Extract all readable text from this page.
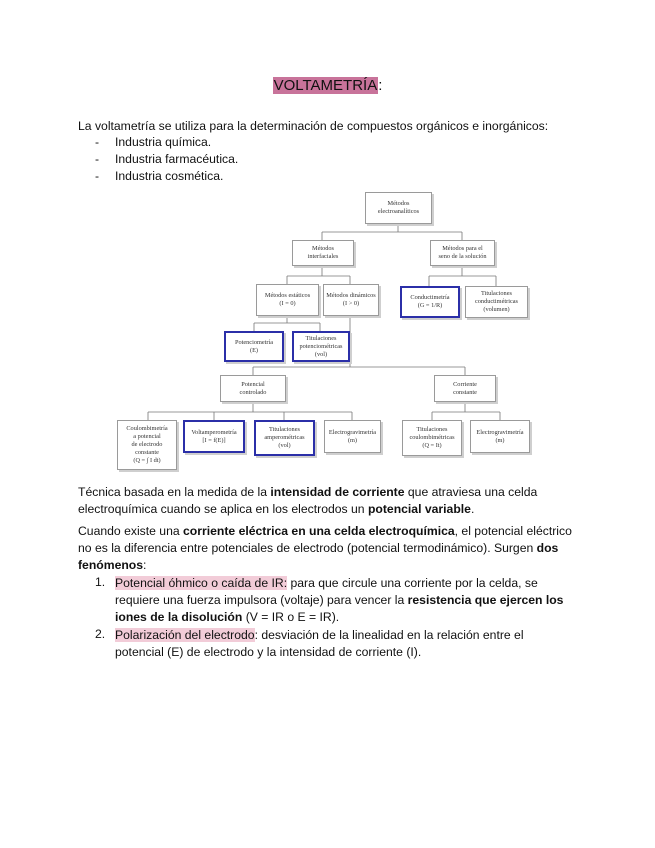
VOLTAMETRÍA:

La voltametría se utiliza para la determinación de compuestos orgánicos e inorgánicos:

- Industria química.
- Industria farmacéutica.
- Industria cosmética.
Métodos
electroanalíticos
Métodos
interfaciales
Métodos para el
seno de la solución
Métodos estáticos
(I = 0)
Métodos dinámicos
(I > 0)
Conductimetría
(G = 1/R)
Titulaciones
conductimétricas
(volumen)
Potenciometría
(E)
Titulaciones
potenciométricas
(vol)
Potencial
controlado
Corriente
constante
Coulombimetría
a potencial
de electrodo
constante
(Q = ∫ I dt)
Voltamperometría
[I = f(E)]
Titulaciones
amperométricas
(vol)
Electrogravimetría
(m)
Titulaciones
coulombimétricas
(Q = It)
Electrogravimetría
(m)

Técnica basada en la medida de la intensidad de corriente que atraviesa una celda electroquímica cuando se aplica en los electrodos un potencial variable.

Cuando existe una corriente eléctrica en una celda electroquímica, el potencial eléctrico no es la diferencia entre potenciales de electrodo (potencial termodinámico). Surgen dos fenómenos:

1. Potencial óhmico o caída de IR: para que circule una corriente por la celda, se requiere una fuerza impulsora (voltaje) para vencer la resistencia que ejercen los iones de la disolución (V = IR o E = IR).

2. Polarización del electrodo: desviación de la linealidad en la relación entre el potencial (E) de electrodo y la intensidad de corriente (I).
